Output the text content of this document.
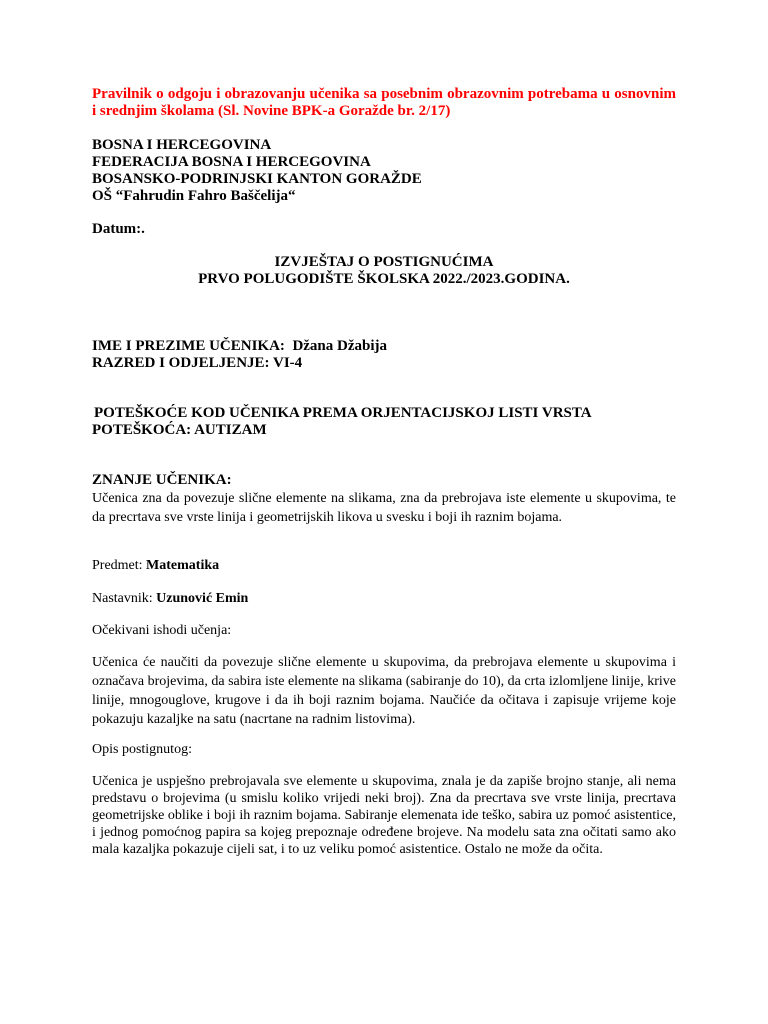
Pravilnik o odgoju i obrazovanju učenika sa posebnim obrazovnim potrebama u osnovnim i srednjim školama (Sl. Novine BPK-a Goražde br. 2/17)

BOSNA I HERCEGOVINA
FEDERACIJA BOSNA I HERCEGOVINA
BOSANSKO-PODRINJSKI KANTON GORAŽDE
OŠ “Fahrudin Fahro Baščelija“
Datum:.
IZVJEŠTAJ O POSTIGNUĆIMA
PRVO POLUGODIŠTE ŠKOLSKA 2022./2023.GODINA.
IME I PREZIME UČENIKA: Džana Džabija
RAZRED I ODJELJENJE: VI-4

POTEŠKOĆE KOD UČENIKA PREMA ORJENTACIJSKOJ LISTI VRSTA POTEŠKOĆA: AUTIZAM

ZNANJE UČENIKA:

Učenica zna da povezuje slične elemente na slikama, zna da prebrojava iste elemente u skupovima, te da precrtava sve vrste linija i geometrijskih likova u svesku i boji ih raznim bojama.

Predmet: Matematika
Nastavnik: Uzunović Emin
Očekivani ishodi učenja:

Učenica će naučiti da povezuje slične elemente u skupovima, da prebrojava elemente u skupovima i označava brojevima, da sabira iste elemente na slikama (sabiranje do 10), da crta izlomljene linije, krive linije, mnogouglove, krugove i da ih boji raznim bojama. Naučiće da očitava i zapisuje vrijeme koje pokazuju kazaljke na satu (nacrtane na radnim listovima).

Opis postignutog:

Učenica je uspješno prebrojavala sve elemente u skupovima, znala je da zapiše brojno stanje, ali nema predstavu o brojevima (u smislu koliko vrijedi neki broj). Zna da precrtava sve vrste linija, precrtava geometrijske oblike i boji ih raznim bojama. Sabiranje elemenata ide teško, sabira uz pomoć asistentice, i jednog pomoćnog papira sa kojeg prepoznaje određene brojeve. Na modelu sata zna očitati samo ako mala kazaljka pokazuje cijeli sat, i to uz veliku pomoć asistentice. Ostalo ne može da očita.
